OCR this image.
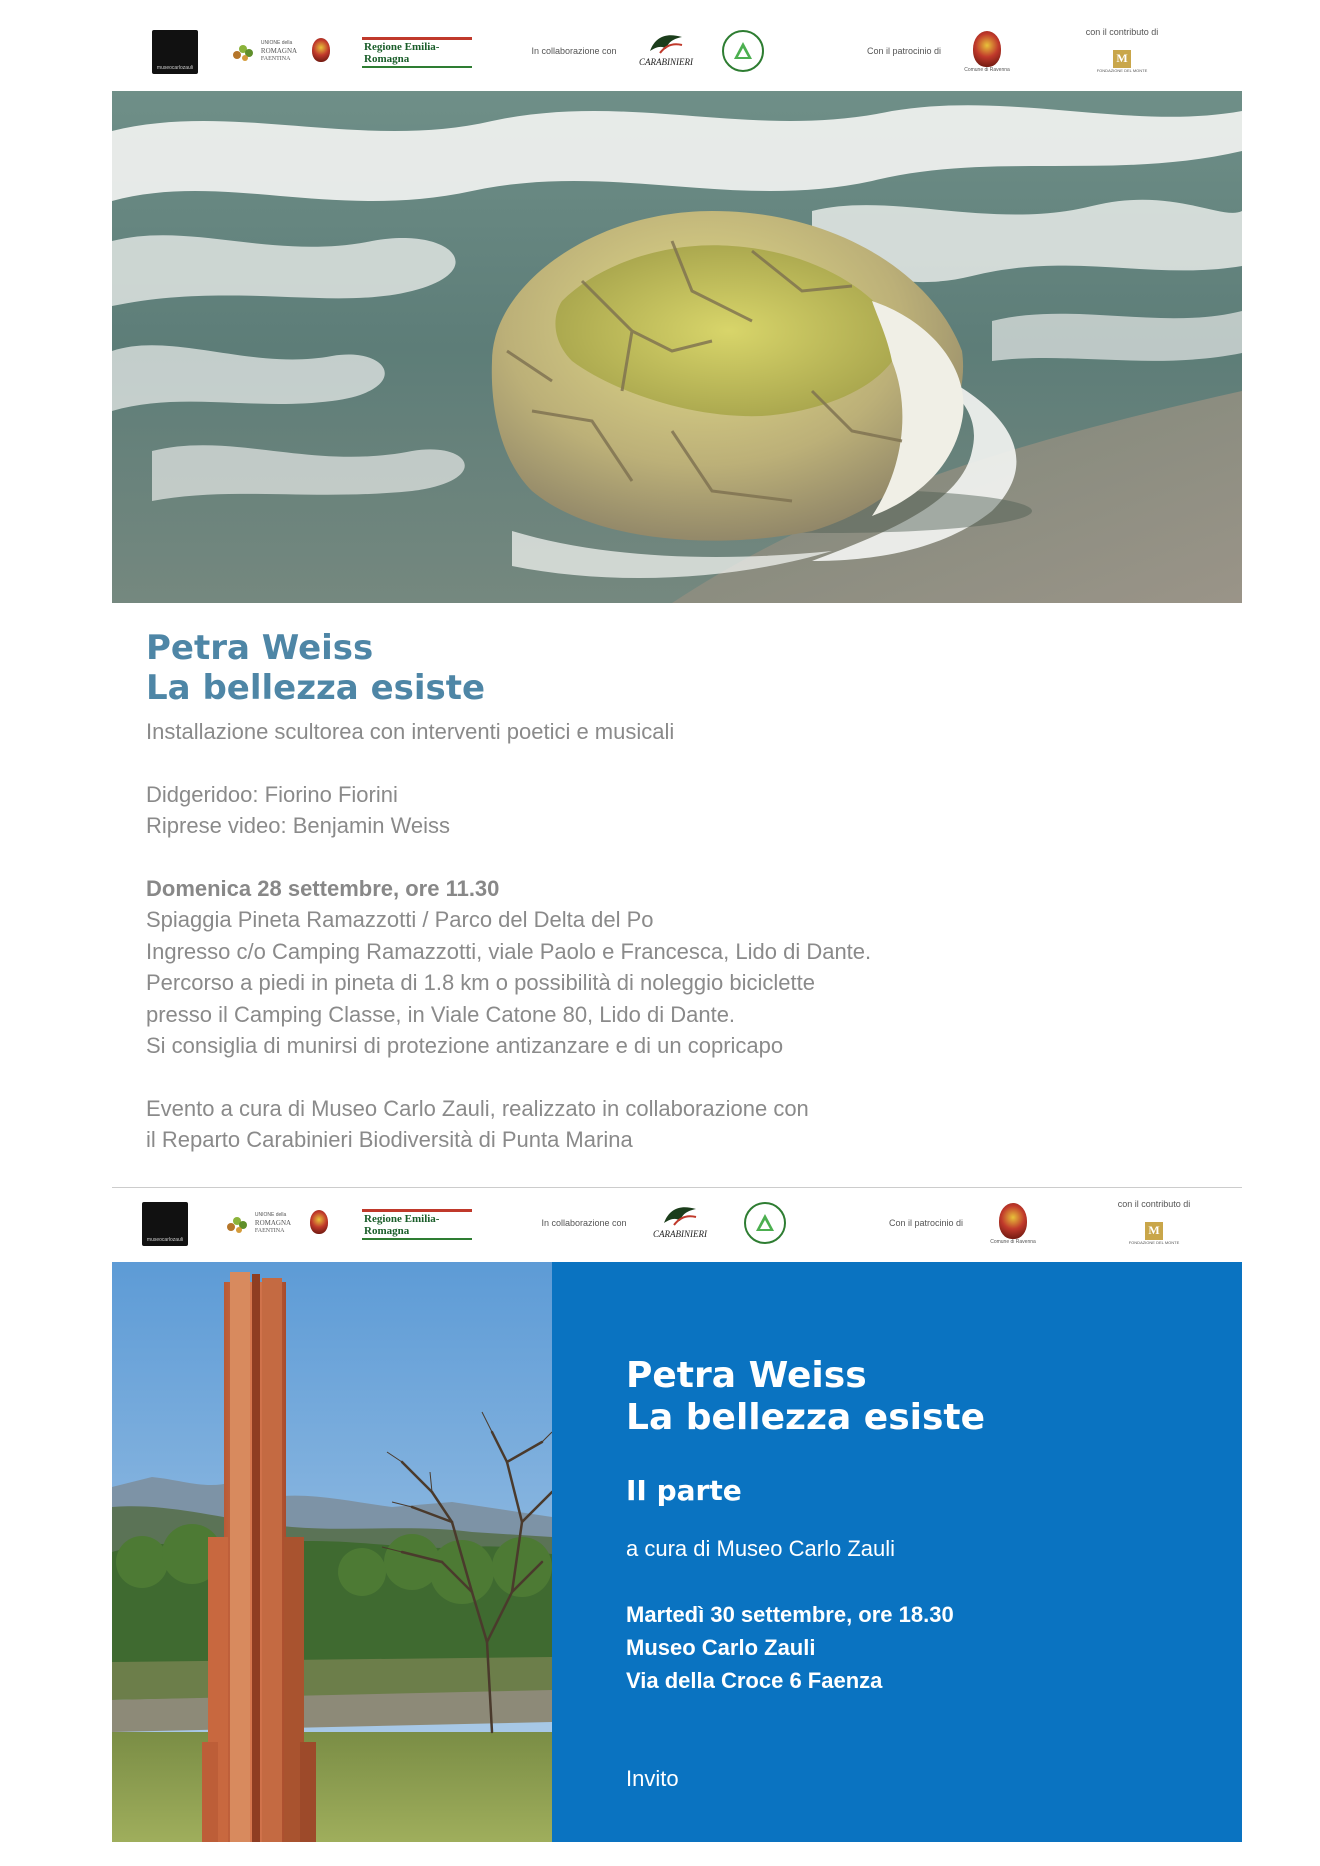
museocarlozauli
UNIONE della
ROMAGNA
FAENTINA
Regione Emilia-Romagna
In collaborazione con
CARABINIERI
Con il patrocinio di
Comune di Ravenna
con il contributo di
M
FONDAZIONE DEL MONTE
Petra Weiss
La bellezza esiste
Installazione scultorea con interventi poetici e musicali
Didgeridoo: Fiorino Fiorini
Riprese video: Benjamin Weiss
Domenica 28 settembre, ore 11.30
Spiaggia Pineta Ramazzotti / Parco del Delta del Po
Ingresso c/o Camping Ramazzotti, viale Paolo e Francesca, Lido di Dante.
Percorso a piedi in pineta di 1.8 km o possibilità di noleggio biciclette
presso il Camping Classe, in Viale Catone 80, Lido di Dante.
Si consiglia di munirsi di protezione antizanzare e di un copricapo
Evento a cura di Museo Carlo Zauli, realizzato in collaborazione con
il Reparto Carabinieri Biodiversità di Punta Marina
museocarlozauli
UNIONE della
ROMAGNA
FAENTINA
Regione Emilia-Romagna
In collaborazione con
CARABINIERI
Con il patrocinio di
Comune di Ravenna
con il contributo di
M
FONDAZIONE DEL MONTE
Petra Weiss
La bellezza esiste
II parte
a cura di Museo Carlo Zauli
Martedì 30 settembre, ore 18.30
Museo Carlo Zauli
Via della Croce 6 Faenza
Invito
